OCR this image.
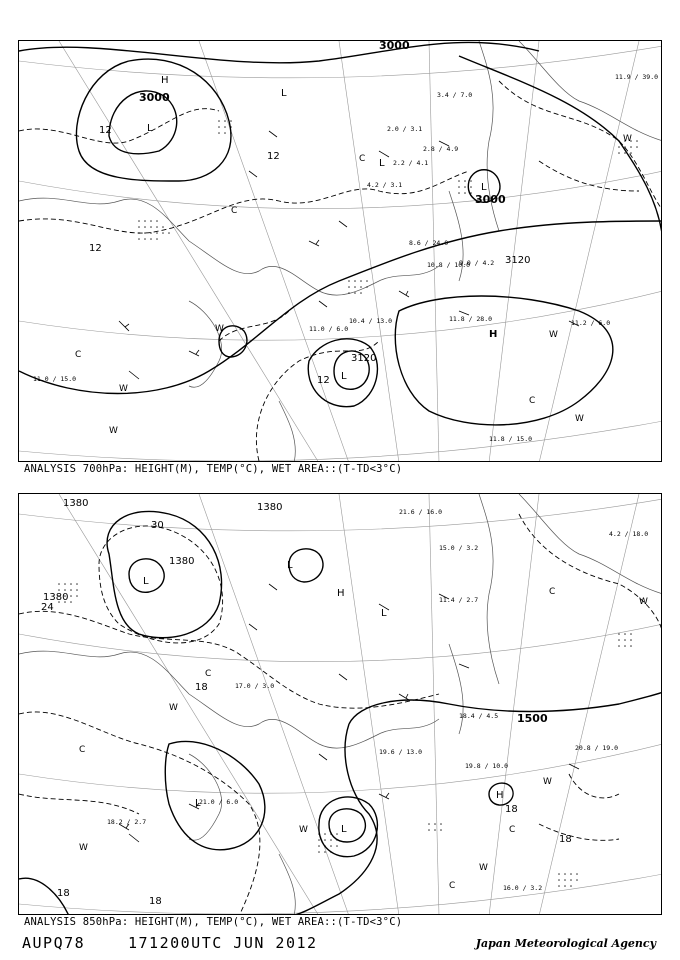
3000
3000
3120
3120
3000
12
12
12
12
H
L
L
L
L
L
H
W
C
C
W
W
C
W
W
C
W
11.8 / 28.0	11.2 / 6.0
11.8 / 15.0
10.4 / 13.0
11.0 / 6.0
8.6 / 24.0
10.8 / 10.0
9.0 / 4.2
2.2 / 4.1
4.2 / 3.1
2.8 / 4.9
3.4 / 7.0
11.9 / 39.0
2.0 / 3.1
11.0 / 15.0
ANALYSIS 700hPa: HEIGHT(M), TEMP(°C), WET AREA::(T-TD<3°C)
1380
1380
1380
1380
1500
30
24
18
18
18
18
18
L
L
H
L
L
H
L
W
C
W
W
C
W
C
C
W
C
W
19.8 / 10.0
20.8 / 19.0
16.0 / 3.2
18.4 / 4.5
19.6 / 13.0
21.0 / 6.0
18.2 / 2.7
21.6 / 16.0
15.0 / 3.2
4.2 / 18.0
11.4 / 2.7
17.0 / 3.0
ANALYSIS 850hPa: HEIGHT(M), TEMP(°C), WET AREA::(T-TD<3°C)
AUPQ78	171200UTC JUN 2012	Japan Meteorological Agency
